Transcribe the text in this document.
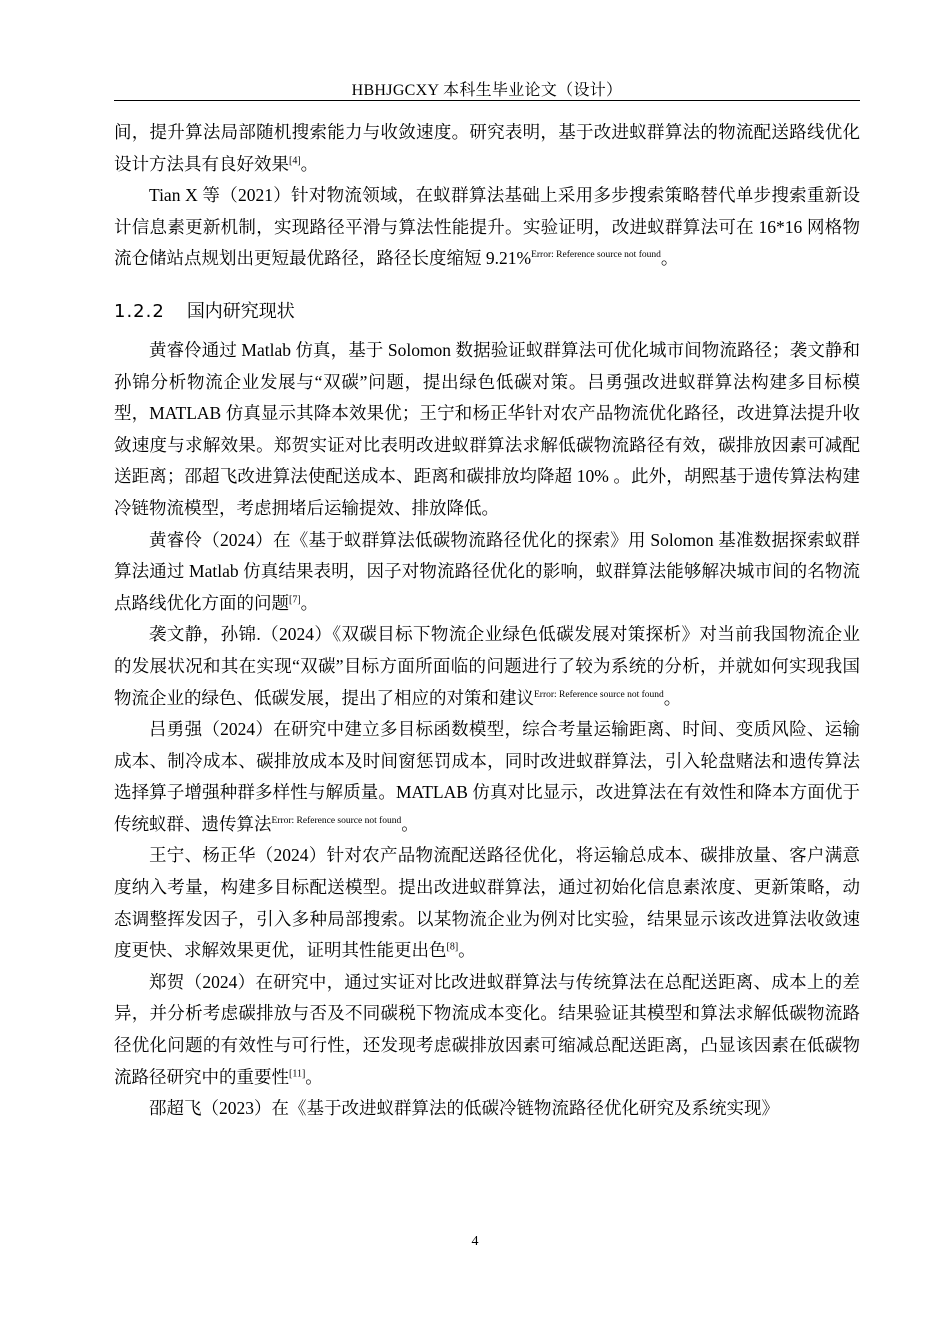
HBHJGCXY 本科生毕业论文（设计）

间，提升算法局部随机搜索能力与收敛速度。研究表明，基于改进蚁群算法的物流配送路线优化设计方法具有良好效果[4]。

Tian X 等（2021）针对物流领域，在蚁群算法基础上采用多步搜索策略替代单步搜索重新设计信息素更新机制，实现路径平滑与算法性能提升。实验证明，改进蚁群算法可在 16*16 网格物流仓储站点规划出更短最优路径，路径长度缩短 9.21%$^{Error: Reference source not found}$。

1.2.2 国内研究现状

黄睿伶通过 Matlab 仿真，基于 Solomon 数据验证蚁群算法可优化城市间物流路径；袭文静和孙锦分析物流企业发展与“双碳”问题，提出绿色低碳对策。吕勇强改进蚁群算法构建多目标模型，MATLAB 仿真显示其降本效果优；王宁和杨正华针对农产品物流优化路径，改进算法提升收敛速度与求解效果。郑贺实证对比表明改进蚁群算法求解低碳物流路径有效，碳排放因素可减配送距离；邵超飞改进算法使配送成本、距离和碳排放均降超 10% 。此外，胡熙基于遗传算法构建冷链物流模型，考虑拥堵后运输提效、排放降低。

黄睿伶（2024）在《基于蚁群算法低碳物流路径优化的探索》用 Solomon 基准数据探索蚁群算法通过 Matlab 仿真结果表明，因子对物流路径优化的影响，蚁群算法能够解决城市间的名物流点路线优化方面的问题[7]。

袭文静，孙锦.（2024）《双碳目标下物流企业绿色低碳发展对策探析》对当前我国物流企业的发展状况和其在实现“双碳”目标方面所面临的问题进行了较为系统的分析，并就如何实现我国物流企业的绿色、低碳发展，提出了相应的对策和建议$^{Error: Reference source not found}$。

吕勇强（2024）在研究中建立多目标函数模型，综合考量运输距离、时间、变质风险、运输成本、制冷成本、碳排放成本及时间窗惩罚成本，同时改进蚁群算法，引入轮盘赌法和遗传算法选择算子增强种群多样性与解质量。MATLAB 仿真对比显示，改进算法在有效性和降本方面优于传统蚁群、遗传算法$^{Error: Reference source not found}$。

王宁、杨正华（2024）针对农产品物流配送路径优化，将运输总成本、碳排放量、客户满意度纳入考量，构建多目标配送模型。提出改进蚁群算法，通过初始化信息素浓度、更新策略，动态调整挥发因子，引入多种局部搜索。以某物流企业为例对比实验，结果显示该改进算法收敛速度更快、求解效果更优，证明其性能更出色[8]。

郑贺（2024）在研究中，通过实证对比改进蚁群算法与传统算法在总配送距离、成本上的差异，并分析考虑碳排放与否及不同碳税下物流成本变化。结果验证其模型和算法求解低碳物流路径优化问题的有效性与可行性，还发现考虑碳排放因素可缩减总配送距离，凸显该因素在低碳物流路径研究中的重要性[11]。

邵超飞（2023）在《基于改进蚁群算法的低碳冷链物流路径优化研究及系统实现》

4
